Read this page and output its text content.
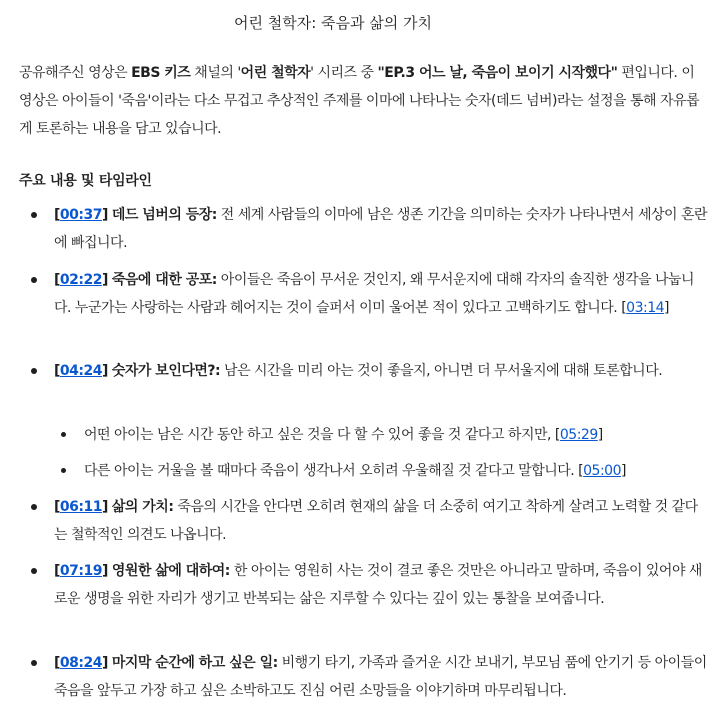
어린 철학자: 죽음과 삶의 가치

공유해주신 영상은 EBS 키즈 채널의 '어린 철학자' 시리즈 중 "EP.3 어느 날, 죽음이 보이기 시작했다" 편입니다. 이 영상은 아이들이 '죽음'이라는 다소 무겁고 추상적인 주제를 이마에 나타나는 숫자(데드 넘버)라는 설정을 통해 자유롭게 토론하는 내용을 담고 있습니다.

주요 내용 및 타임라인
[00:37] 데드 넘버의 등장: 전 세계 사람들의 이마에 남은 생존 기간을 의미하는 숫자가 나타나면서 세상이 혼란에 빠집니다.
[02:22] 죽음에 대한 공포: 아이들은 죽음이 무서운 것인지, 왜 무서운지에 대해 각자의 솔직한 생각을 나눕니다. 누군가는 사랑하는 사람과 헤어지는 것이 슬퍼서 이미 울어본 적이 있다고 고백하기도 합니다. [03:14]
[04:24] 숫자가 보인다면?: 남은 시간을 미리 아는 것이 좋을지, 아니면 더 무서울지에 대해 토론합니다.
어떤 아이는 남은 시간 동안 하고 싶은 것을 다 할 수 있어 좋을 것 같다고 하지만, [05:29]
다른 아이는 거울을 볼 때마다 죽음이 생각나서 오히려 우울해질 것 같다고 말합니다. [05:00]
[06:11] 삶의 가치: 죽음의 시간을 안다면 오히려 현재의 삶을 더 소중히 여기고 착하게 살려고 노력할 것 같다는 철학적인 의견도 나옵니다.
[07:19] 영원한 삶에 대하여: 한 아이는 영원히 사는 것이 결코 좋은 것만은 아니라고 말하며, 죽음이 있어야 새로운 생명을 위한 자리가 생기고 반복되는 삶은 지루할 수 있다는 깊이 있는 통찰을 보여줍니다.
[08:24] 마지막 순간에 하고 싶은 일: 비행기 타기, 가족과 즐거운 시간 보내기, 부모님 품에 안기기 등 아이들이 죽음을 앞두고 가장 하고 싶은 소박하고도 진심 어린 소망들을 이야기하며 마무리됩니다.
